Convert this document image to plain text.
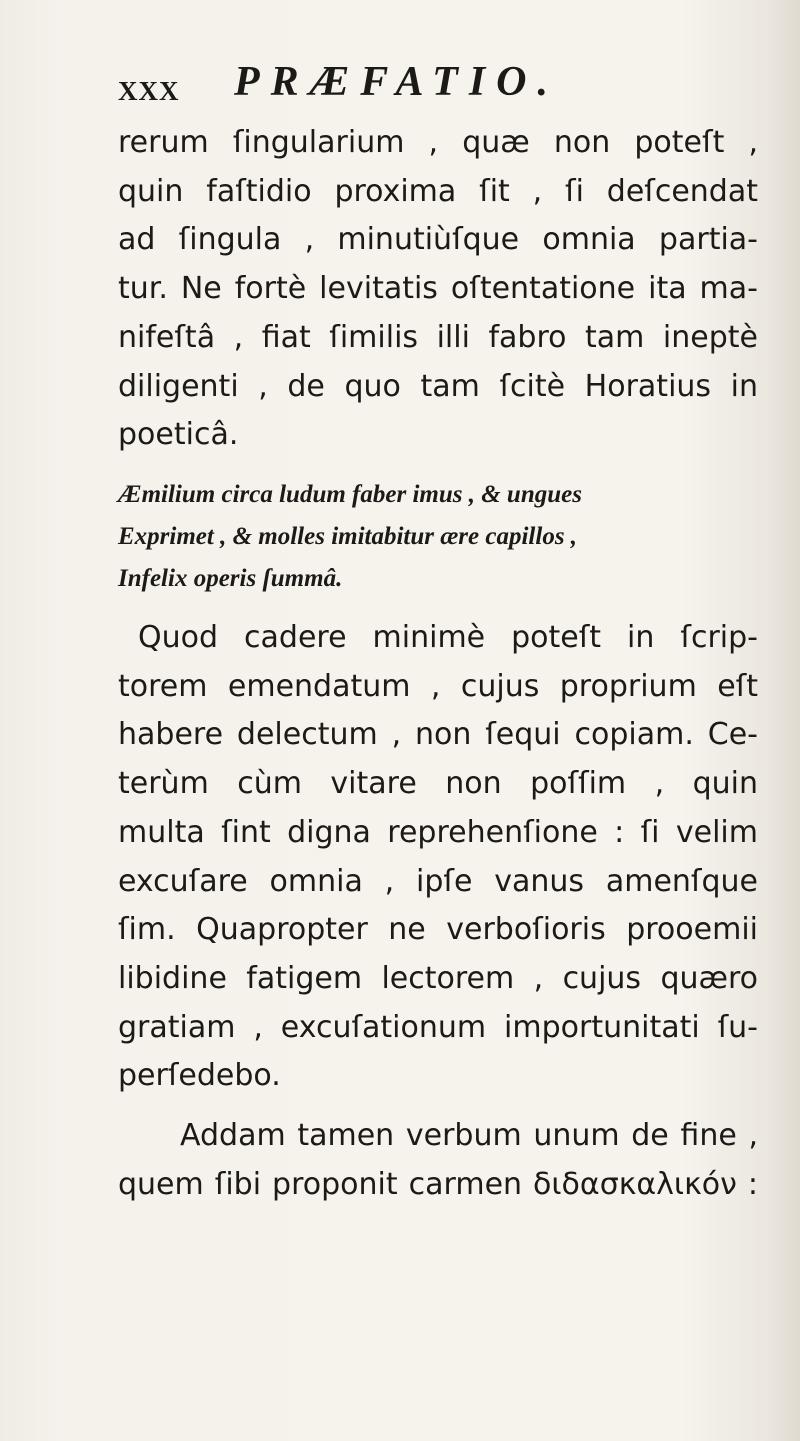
XXX PRÆFATIO.
rerum ſingularium , quæ non poteſt ,
quin faſtidio proxima ſit , ſi deſcendat
ad ſingula , minutiùſque omnia partia-
tur. Ne fortè levitatis oſtentatione ita ma-
nifeſtâ , fiat ſimilis illi fabro tam ineptè
diligenti , de quo tam ſcitè Horatius in
poeticâ.
Æmilium circa ludum faber imus , & ungues
Exprimet , & molles imitabitur ære capillos ,
Infelix operis ſummâ.
Quod cadere minimè poteſt in ſcrip-
torem emendatum , cujus proprium eſt
habere delectum , non ſequi copiam. Ce-
terùm cùm vitare non poſſim , quin
multa ſint digna reprehenſione : ſi velim
excuſare omnia , ipſe vanus amenſque
ſim. Quapropter ne verboſioris prooemii
libidine fatigem lectorem , cujus quæro
gratiam , excuſationum importunitati ſu-
perſedebo.
Addam tamen verbum unum de fine ,
quem ſibi proponit carmen διδασκαλικόν :
